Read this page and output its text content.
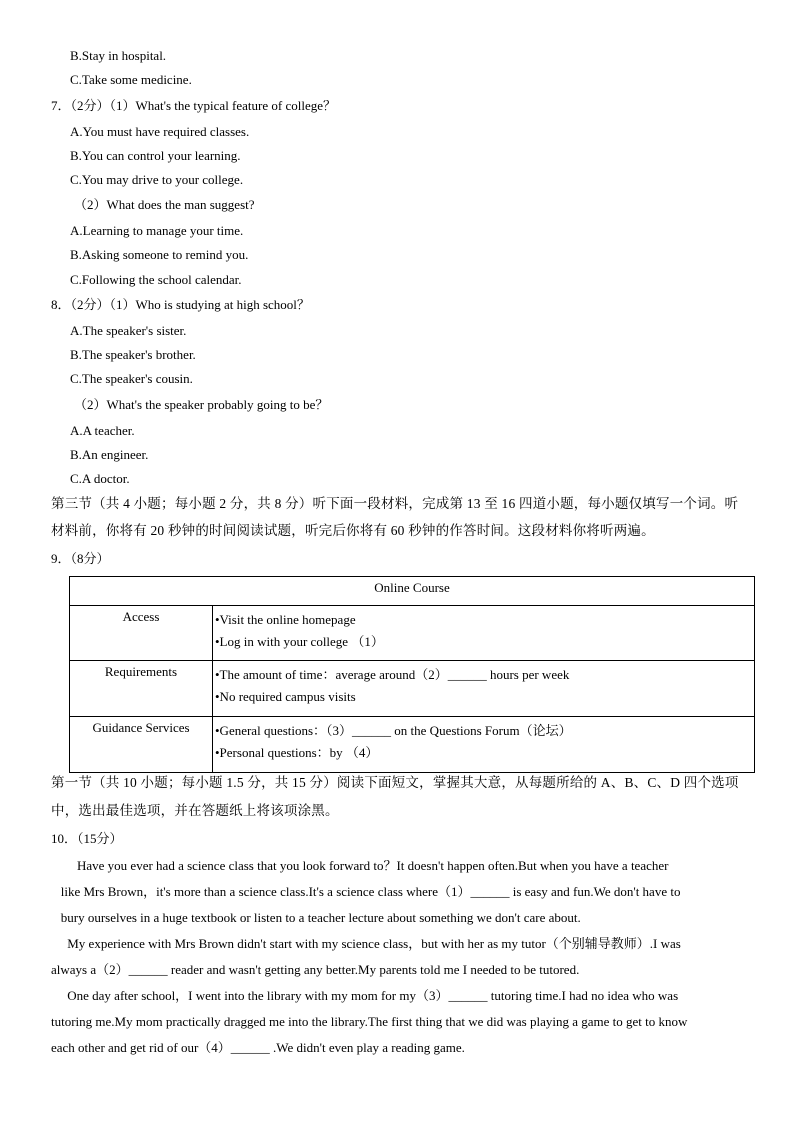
B.Stay in hospital.
C.Take some medicine.
7．（2分）（1）What's the typical feature of college？
A.You must have required classes.
B.You can control your learning.
C.You may drive to your college.
（2）What does the man suggest?
A.Learning to manage your time.
B.Asking someone to remind you.
C.Following the school calendar.
8．（2分）（1）Who is studying at high school？
A.The speaker's sister.
B.The speaker's brother.
C.The speaker's cousin.
（2）What's the speaker probably going to be？
A.A teacher.
B.An engineer.
C.A doctor.
第三节（共 4 小题；每小题 2 分，共 8 分）听下面一段材料，完成第 13 至 16 四道小题，每小题仅填写一个词。听
材料前，你将有 20 秒钟的时间阅读试题，听完后你将有 60 秒钟的作答时间。这段材料你将听两遍。
9．（8分）
Online Course	
Access	•Visit the online homepage
•Log in with your college （1）

Requirements	•The amount of time：average around（2）______ hours per week
•No required campus visits

Guidance Services	•General questions：（3）______ on the Questions Forum（论坛）
•Personal questions：by （4）
第一节（共 10 小题；每小题 1.5 分，共 15 分）阅读下面短文，掌握其大意，从每题所给的 A、B、C、D 四个选项
中，选出最佳选项，并在答题纸上将该项涂黑。
10．（15分）
Have you ever had a science class that you look forward to？It doesn't happen often.But when you have a teacher
like Mrs Brown，it's more than a science class.It's a science class where（1）______ is easy and fun.We don't have to
bury ourselves in a huge textbook or listen to a teacher lecture about something we don't care about.
My experience with Mrs Brown didn't start with my science class，but with her as my tutor（个别辅导教师）.I was
always a（2）______ reader and wasn't getting any better.My parents told me I needed to be tutored.
One day after school，I went into the library with my mom for my（3）______ tutoring time.I had no idea who was
tutoring me.My mom practically dragged me into the library.The first thing that we did was playing a game to get to know
each other and get rid of our（4）______ .We didn't even play a reading game.
